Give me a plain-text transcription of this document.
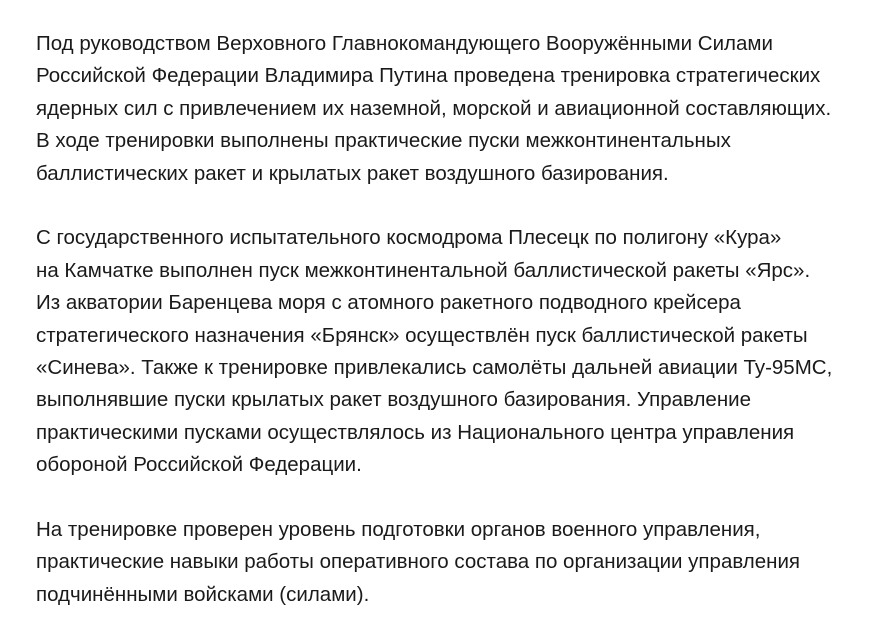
Под руководством Верховного Главнокомандующего Вооружёнными Силами
Российской Федерации Владимира Путина проведена тренировка стратегических
ядерных сил с привлечением их наземной, морской и авиационной составляющих.
В ходе тренировки выполнены практические пуски межконтинентальных
баллистических ракет и крылатых ракет воздушного базирования.

С государственного испытательного космодрома Плесецк по полигону «Кура»
на Камчатке выполнен пуск межконтинентальной баллистической ракеты «Ярс».
Из акватории Баренцева моря с атомного ракетного подводного крейсера
стратегического назначения «Брянск» осуществлён пуск баллистической ракеты
«Синева». Также к тренировке привлекались самолёты дальней авиации Ту-95МС,
выполнявшие пуски крылатых ракет воздушного базирования. Управление
практическими пусками осуществлялось из Национального центра управления
обороной Российской Федерации.

На тренировке проверен уровень подготовки органов военного управления,
практические навыки работы оперативного состава по организации управления
подчинёнными войсками (силами).
